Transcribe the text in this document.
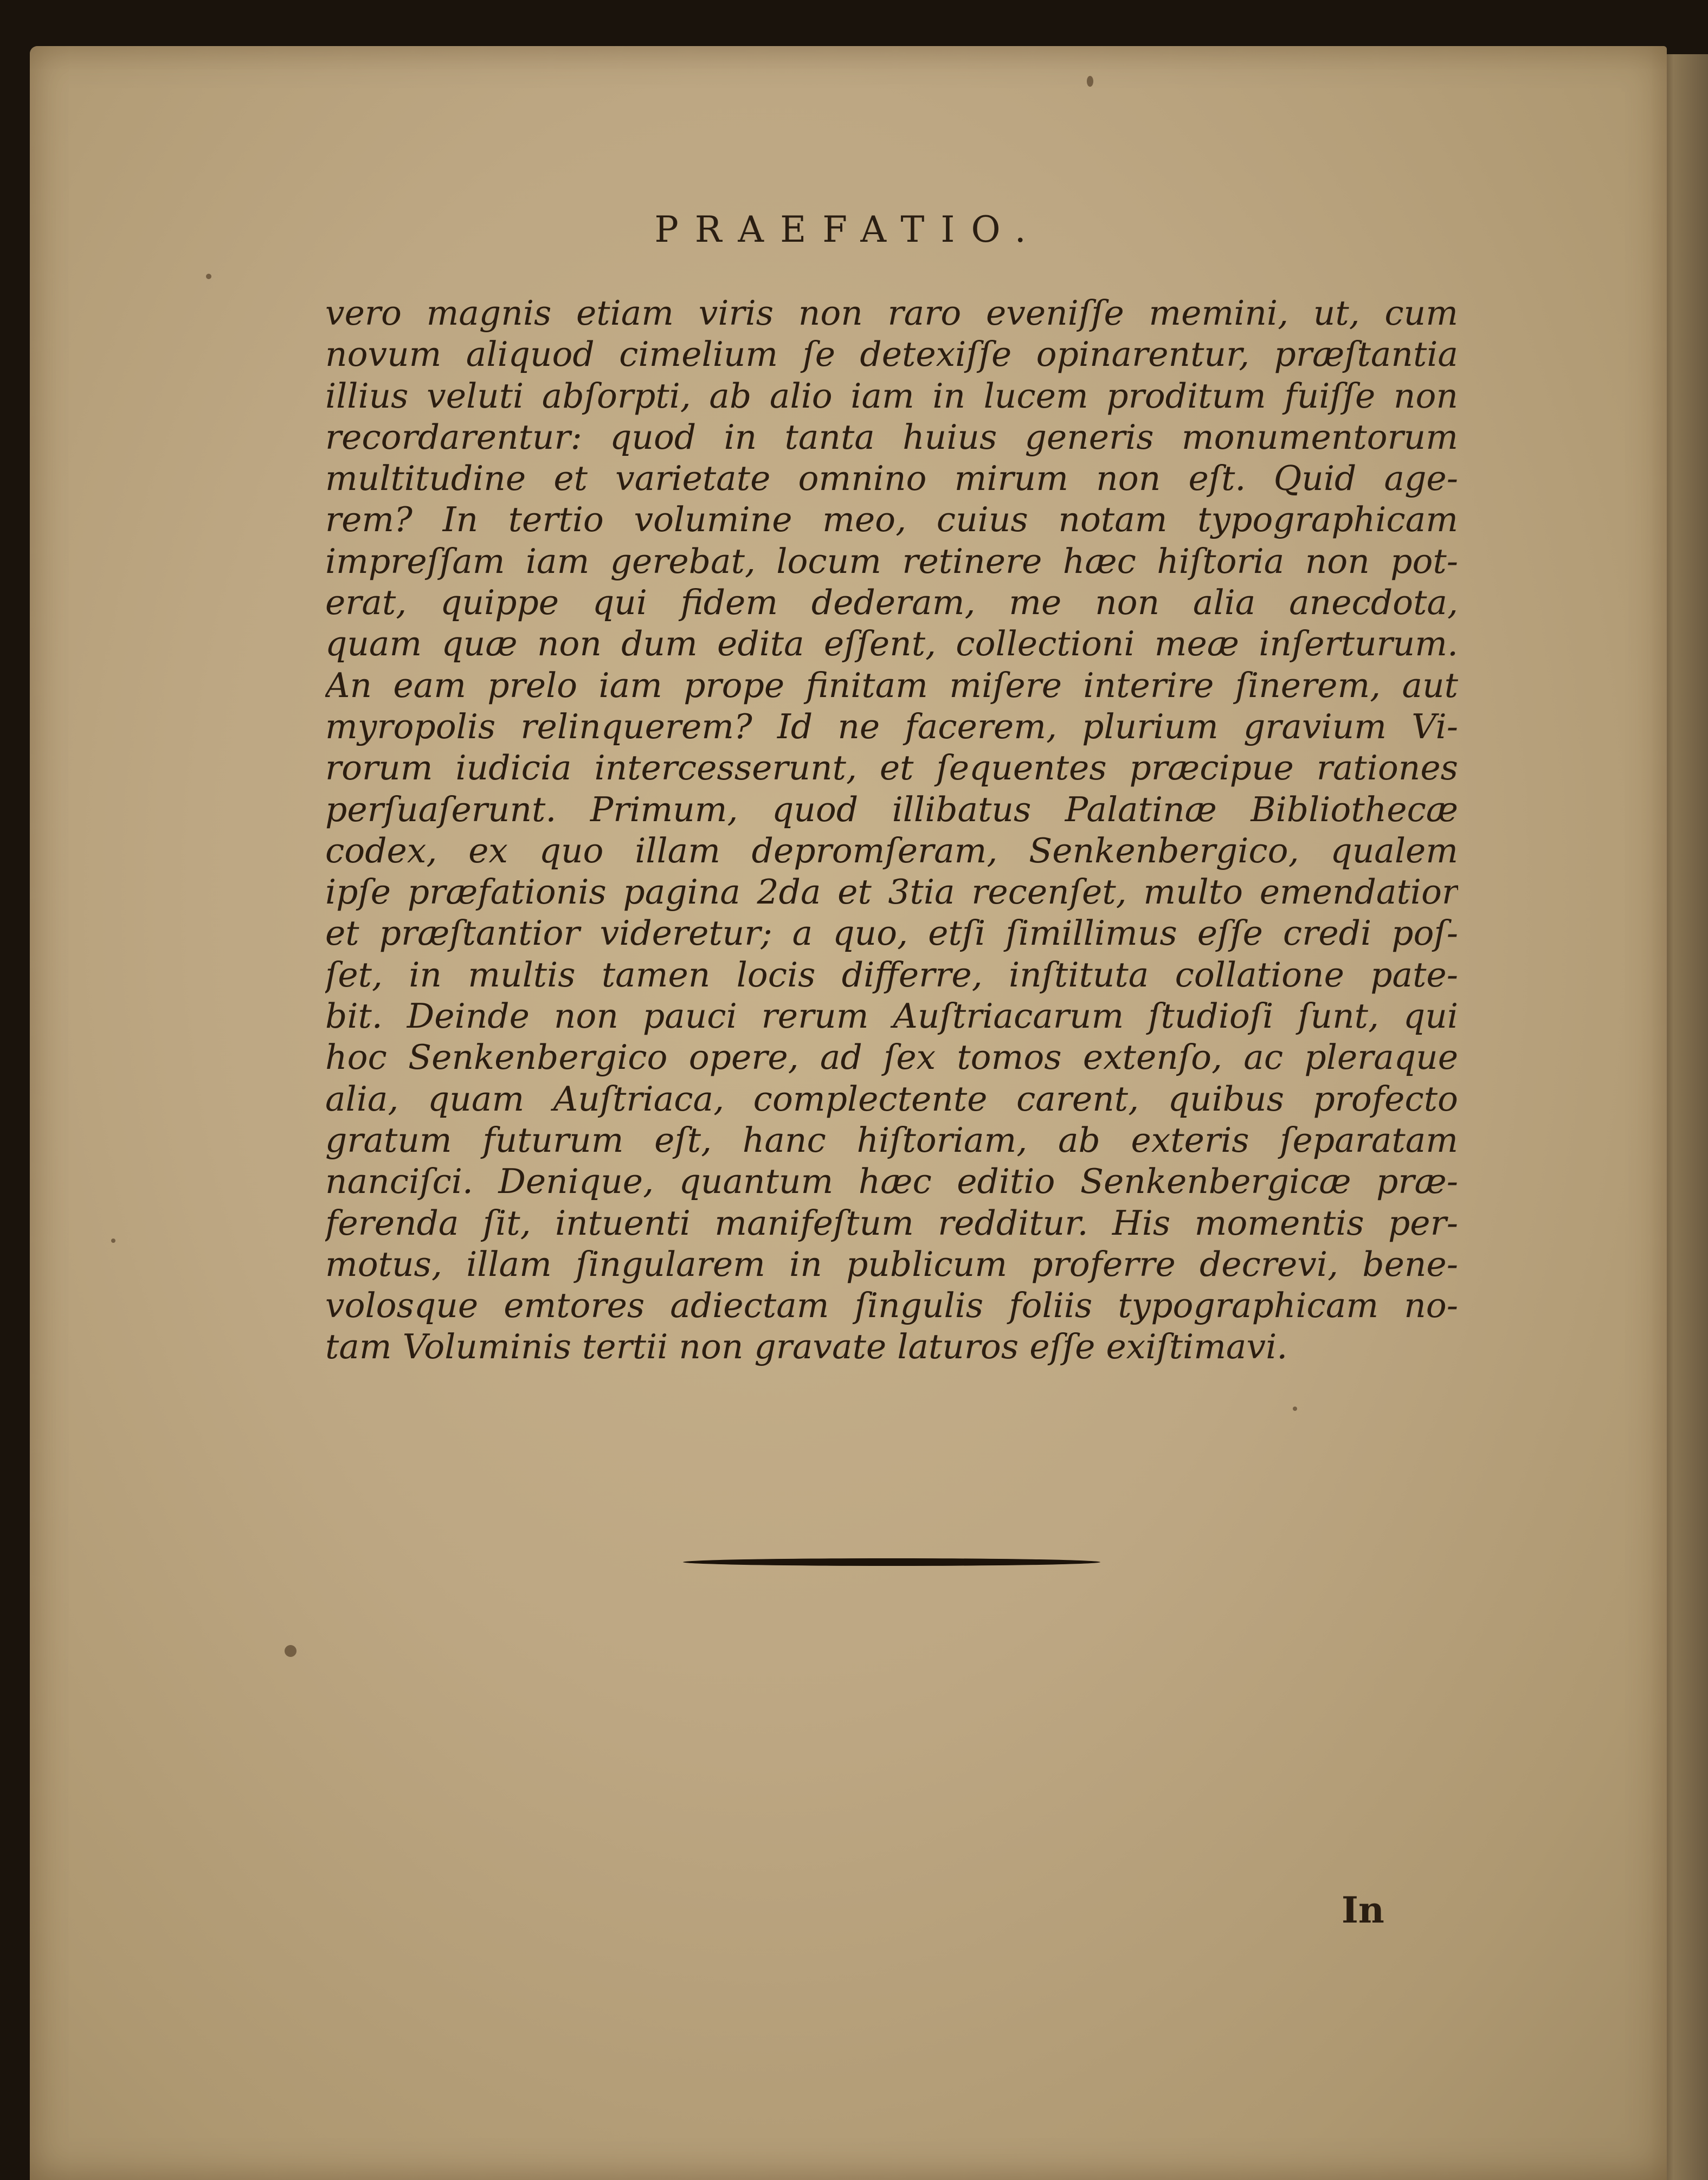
PRAEFATIO.
vero magnis etiam viris non raro eveniſſe memini, ut, cum
novum aliquod cimelium ſe detexiſſe opinarentur, præſtantia
illius veluti abſorpti, ab alio iam in lucem proditum fuiſſe non
recordarentur: quod in tanta huius generis monumentorum
multitudine et varietate omnino mirum non eſt. Quid age-
rem? In tertio volumine meo, cuius notam typographicam
impreſſam iam gerebat, locum retinere hæc hiſtoria non pot-
erat, quippe qui fidem dederam, me non alia anecdota,
quam quæ non dum edita eſſent, collectioni meæ inſerturum.
An eam prelo iam prope finitam miſere interire ſinerem, aut
myropolis relinquerem? Id ne facerem, plurium gravium Vi-
rorum iudicia intercesserunt, et ſequentes præcipue rationes
perſuaſerunt. Primum, quod illibatus Palatinæ Bibliothecæ
codex, ex quo illam depromſeram, Senkenbergico, qualem
ipſe præfationis pagina 2da et 3tia recenſet, multo emendatior
et præſtantior videretur; a quo, etſi ſimillimus eſſe credi poſ-
ſet, in multis tamen locis differre, inſtituta collatione pate-
bit. Deinde non pauci rerum Auſtriacarum ſtudioſi ſunt, qui
hoc Senkenbergico opere, ad ſex tomos extenſo, ac pleraque
alia, quam Auſtriaca, complectente carent, quibus profecto
gratum futurum eſt, hanc hiſtoriam, ab exteris ſeparatam
nanciſci. Denique, quantum hæc editio Senkenbergicæ præ-
ferenda ſit, intuenti manifeſtum redditur. His momentis per-
motus, illam ſingularem in publicum proferre decrevi, bene-
volosque emtores adiectam ſingulis foliis typographicam no-
tam Voluminis tertii non gravate laturos eſſe exiſtimavi.
In
